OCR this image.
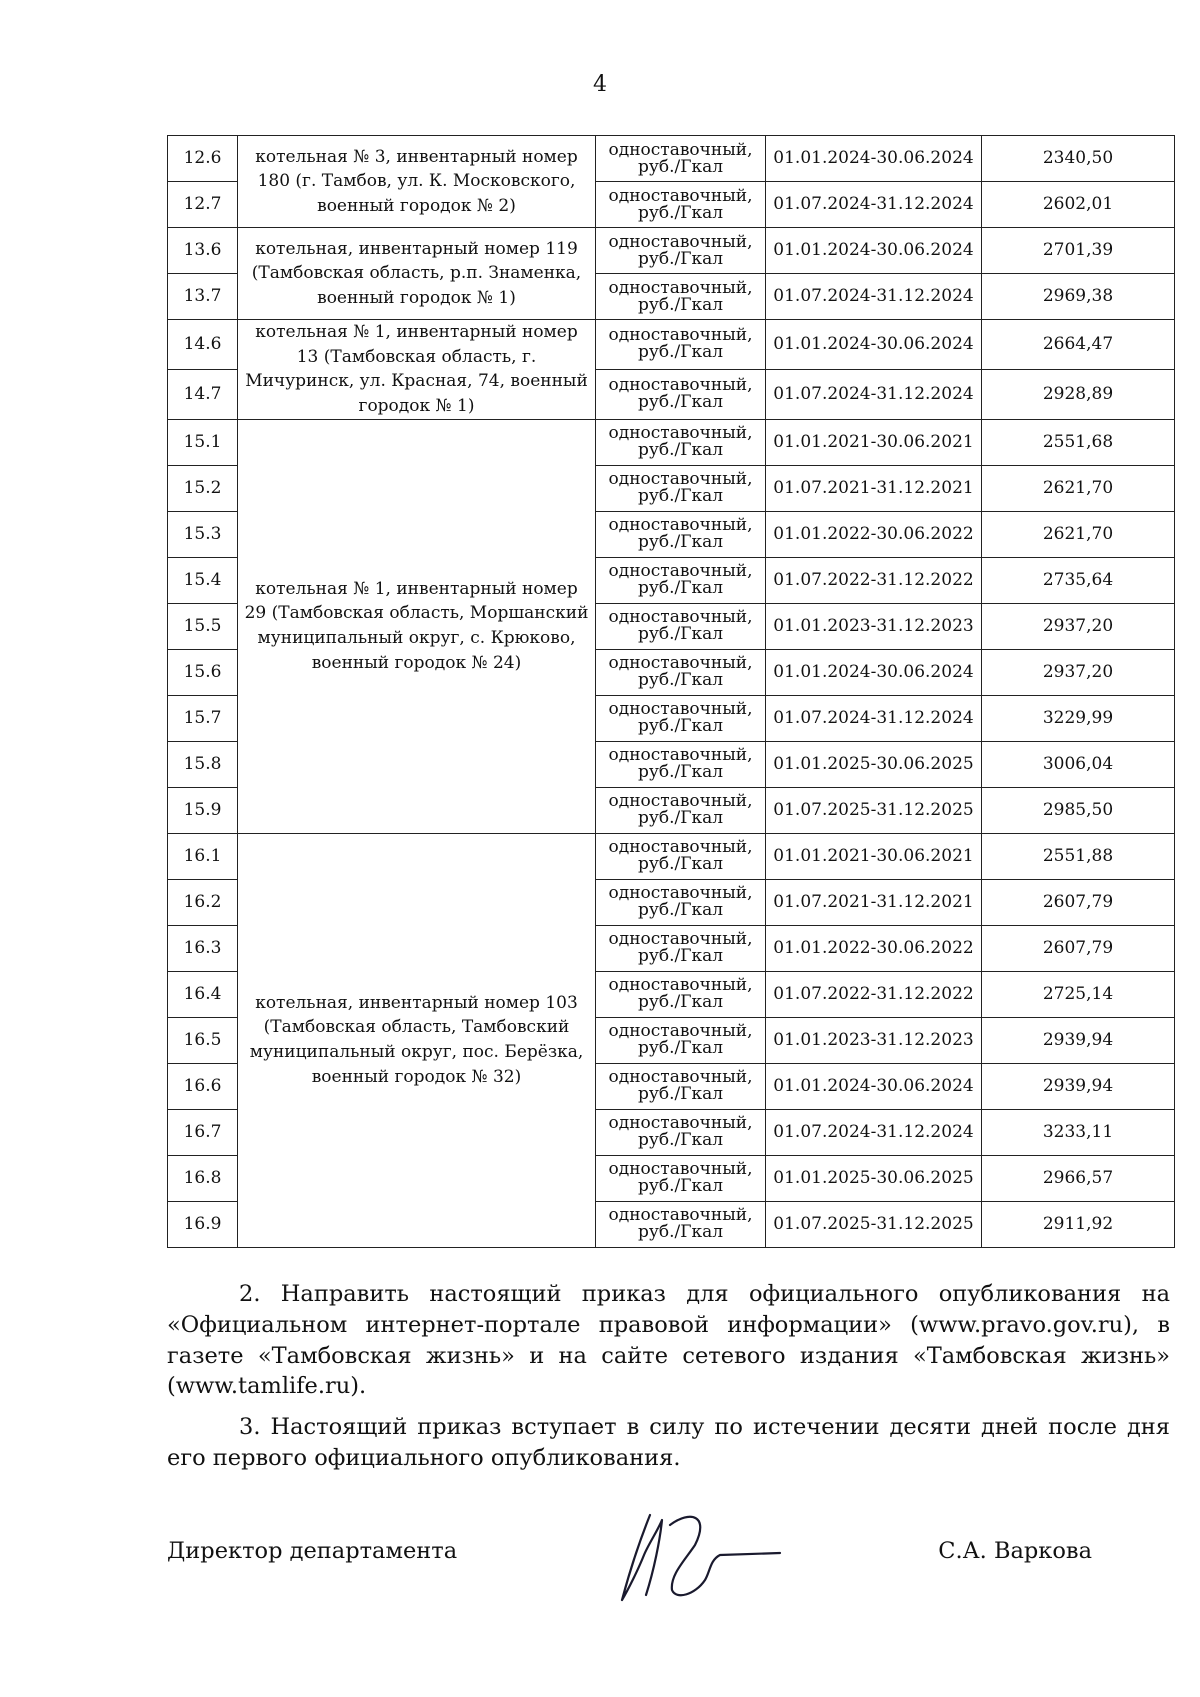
4
12.6	котельная № 3, инвентарный номер 180 (г. Тамбов, ул. К. Московского, военный городок № 2)	одноставочный, руб./Гкал	01.01.2024-30.06.2024	2340,50
12.7		одноставочный, руб./Гкал	01.07.2024-31.12.2024	2602,01
13.6	котельная, инвентарный номер 119 (Тамбовская область, р.п. Знаменка, военный городок № 1)	одноставочный, руб./Гкал	01.01.2024-30.06.2024	2701,39
13.7		одноставочный, руб./Гкал	01.07.2024-31.12.2024	2969,38
14.6	котельная № 1, инвентарный номер 13 (Тамбовская область, г. Мичуринск, ул. Красная, 74, военный городок № 1)	одноставочный, руб./Гкал	01.01.2024-30.06.2024	2664,47
14.7		одноставочный, руб./Гкал	01.07.2024-31.12.2024	2928,89
15.1	котельная № 1, инвентарный номер 29 (Тамбовская область, Моршанский муниципальный округ, с. Крюково, военный городок № 24)	одноставочный, руб./Гкал	01.01.2021-30.06.2021	2551,68
15.2		одноставочный, руб./Гкал	01.07.2021-31.12.2021	2621,70
15.3		одноставочный, руб./Гкал	01.01.2022-30.06.2022	2621,70
15.4		одноставочный, руб./Гкал	01.07.2022-31.12.2022	2735,64
15.5		одноставочный, руб./Гкал	01.01.2023-31.12.2023	2937,20
15.6		одноставочный, руб./Гкал	01.01.2024-30.06.2024	2937,20
15.7		одноставочный, руб./Гкал	01.07.2024-31.12.2024	3229,99
15.8		одноставочный, руб./Гкал	01.01.2025-30.06.2025	3006,04
15.9		одноставочный, руб./Гкал	01.07.2025-31.12.2025	2985,50
16.1	котельная, инвентарный номер 103 (Тамбовская область, Тамбовский муниципальный округ, пос. Берёзка, военный городок № 32)	одноставочный, руб./Гкал	01.01.2021-30.06.2021	2551,88
16.2		одноставочный, руб./Гкал	01.07.2021-31.12.2021	2607,79
16.3		одноставочный, руб./Гкал	01.01.2022-30.06.2022	2607,79
16.4		одноставочный, руб./Гкал	01.07.2022-31.12.2022	2725,14
16.5		одноставочный, руб./Гкал	01.01.2023-31.12.2023	2939,94
16.6		одноставочный, руб./Гкал	01.01.2024-30.06.2024	2939,94
16.7		одноставочный, руб./Гкал	01.07.2024-31.12.2024	3233,11
16.8		одноставочный, руб./Гкал	01.01.2025-30.06.2025	2966,57
16.9		одноставочный, руб./Гкал	01.07.2025-31.12.2025	2911,92

2. Направить настоящий приказ для официального опубликования на «Официальном интернет-портале правовой информации» (www.pravo.gov.ru), в газете «Тамбовская жизнь» и на сайте сетевого издания «Тамбовская жизнь» (www.tamlife.ru).

3. Настоящий приказ вступает в силу по истечении десяти дней после дня его первого официального опубликования.

Директор департамента	С.А. Варкова
